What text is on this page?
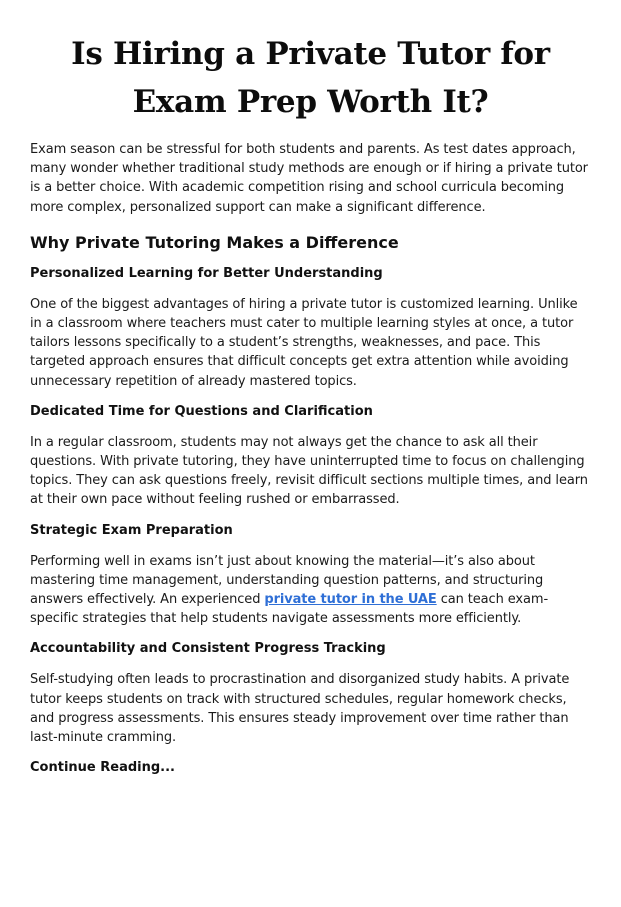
Is Hiring a Private Tutor for Exam Prep Worth It?

Exam season can be stressful for both students and parents. As test dates approach, many wonder whether traditional study methods are enough or if hiring a private tutor is a better choice. With academic competition rising and school curricula becoming more complex, personalized support can make a significant difference.

Why Private Tutoring Makes a Difference
Personalized Learning for Better Understanding

One of the biggest advantages of hiring a private tutor is customized learning. Unlike in a classroom where teachers must cater to multiple learning styles at once, a tutor tailors lessons specifically to a student’s strengths, weaknesses, and pace. This targeted approach ensures that difficult concepts get extra attention while avoiding unnecessary repetition of already mastered topics.

Dedicated Time for Questions and Clarification

In a regular classroom, students may not always get the chance to ask all their questions. With private tutoring, they have uninterrupted time to focus on challenging topics. They can ask questions freely, revisit difficult sections multiple times, and learn at their own pace without feeling rushed or embarrassed.

Strategic Exam Preparation

Performing well in exams isn’t just about knowing the material—it’s also about mastering time management, understanding question patterns, and structuring answers effectively. An experienced private tutor in the UAE can teach exam-specific strategies that help students navigate assessments more efficiently.

Accountability and Consistent Progress Tracking

Self-studying often leads to procrastination and disorganized study habits. A private tutor keeps students on track with structured schedules, regular homework checks, and progress assessments. This ensures steady improvement over time rather than last-minute cramming.

Continue Reading...
